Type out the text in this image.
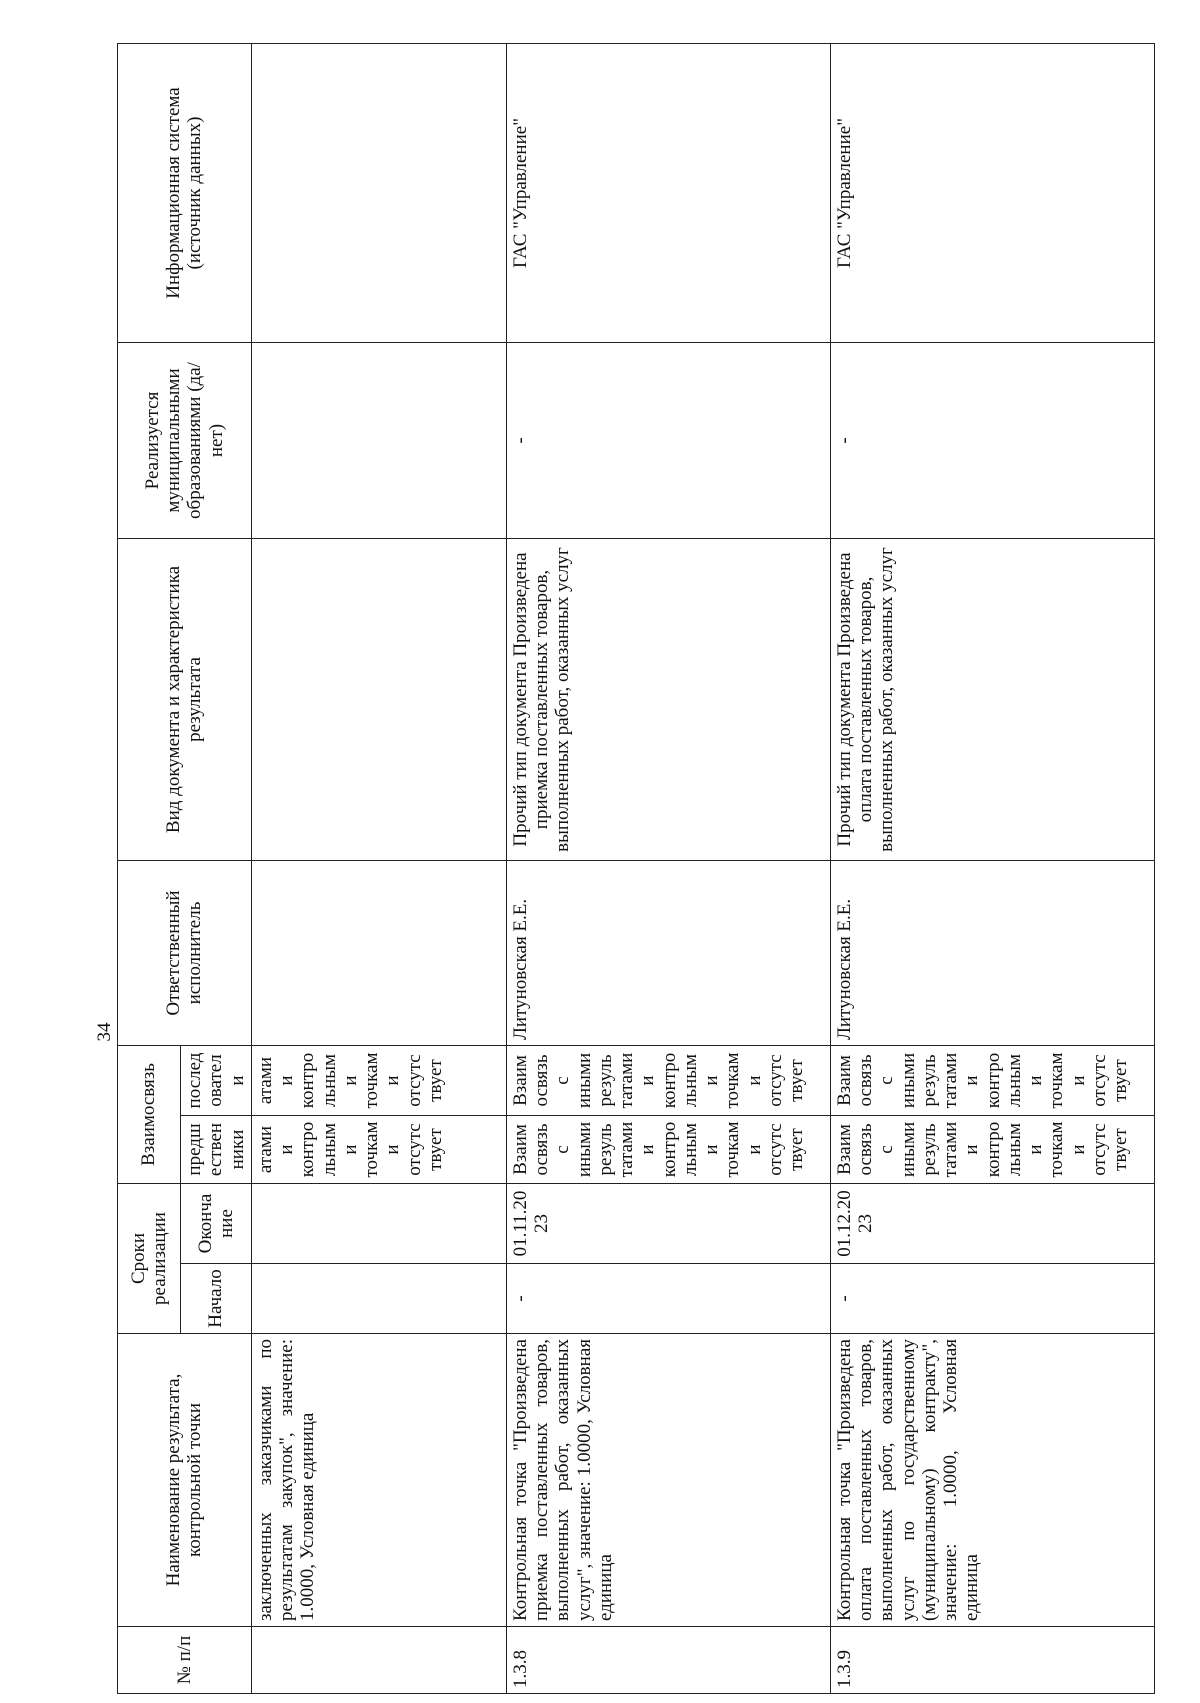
34
№ п/п	Наименование результата, контрольной точки	Сроки реализации		Взаимосвязь		Ответственный исполнитель	Вид документа и характеристика результата	Реализуется муниципальными образованиями (да/нет)	Информационная система (источник данных)
		Начало	Окончание	предшественники	последователи				
	заключенных заказчиками по результатам закупок", значение: 1.0000, Условная единица			атами и контрольными точками отсутствует	атами и контрольными точками отсутствует				
1.3.8	Контрольная точка "Произведена приемка поставленных товаров, выполненных работ, оказанных услуг", значение: 1.0000, Условная единица	-	01.11.2023	Взаимосвязь с иными результатами и контрольными точками отсутствует	Взаимосвязь с иными результатами и контрольными точками отсутствует	Литуновская Е.Е.	Прочий тип документа Произведена приемка поставленных товаров, выполненных работ, оказанных услуг	-	ГАС "Управление"
1.3.9	Контрольная точка "Произведена оплата поставленных товаров, выполненных работ, оказанных услуг по государственному (муниципальному) контракту", значение: 1.0000, Условная единица	-	01.12.2023	Взаимосвязь с иными результатами и контрольными точками отсутствует	Взаимосвязь с иными результатами и контрольными точками отсутствует	Литуновская Е.Е.	Прочий тип документа Произведена оплата поставленных товаров, выполненных работ, оказанных услуг	-	ГАС "Управление"
